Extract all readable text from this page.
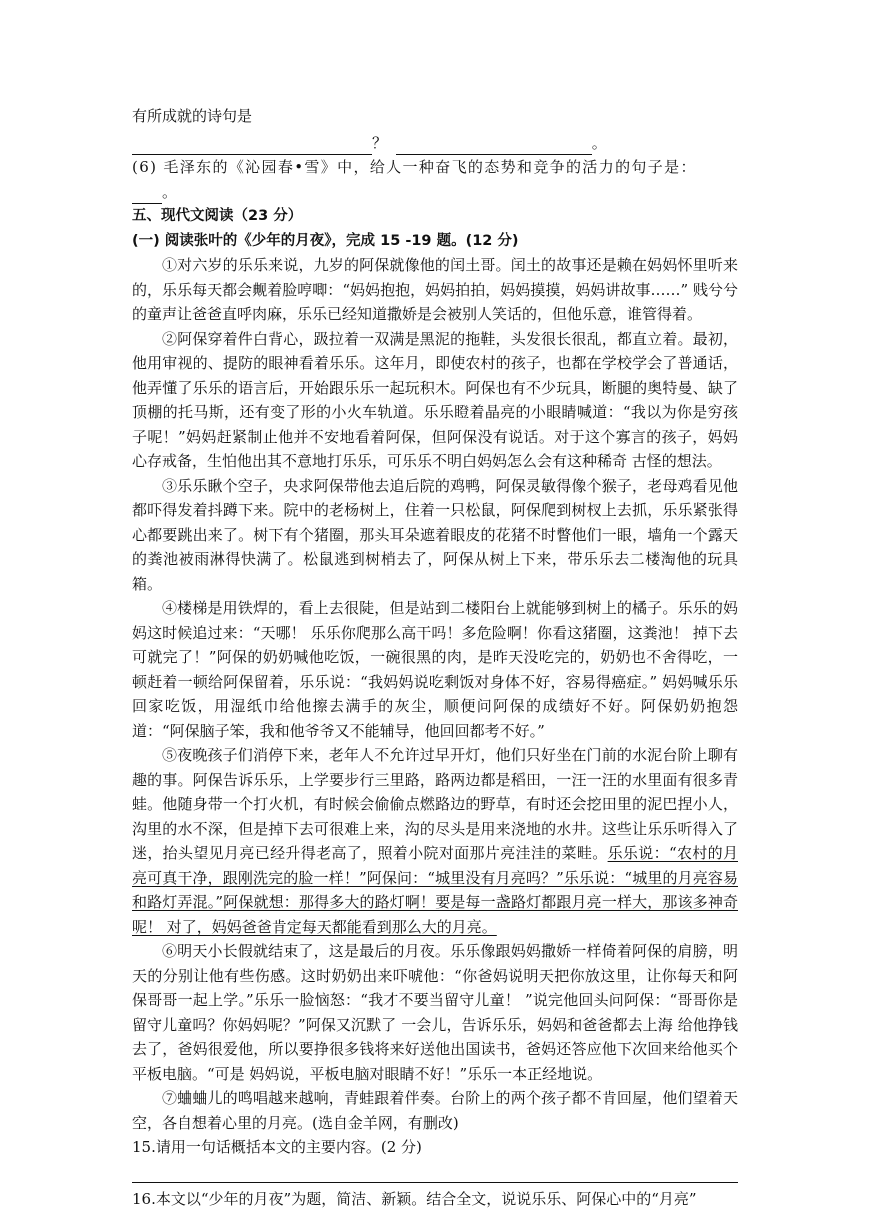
有所成就的诗句是
？	。
(6) 毛泽东的《沁园春•雪》中，给人一种奋飞的态势和竞争的活力的句子是：
。
五、现代文阅读（23 分）
(一) 阅读张叶的《少年的月夜》，完成 15 -19 题。(12 分)

①对六岁的乐乐来说，九岁的阿保就像他的闰土哥。闰土的故事还是赖在妈妈怀里听来的，乐乐每天都会觍着脸哼唧：“妈妈抱抱，妈妈拍拍，妈妈摸摸，妈妈讲故事……” 贱兮兮的童声让爸爸直呼肉麻，乐乐已经知道撒娇是会被别人笑话的，但他乐意，谁管得着。

②阿保穿着件白背心，趿拉着一双满是黑泥的拖鞋，头发很长很乱，都直立着。最初，他用审视的、提防的眼神看着乐乐。这年月，即使农村的孩子，也都在学校学会了普通话，他弄懂了乐乐的语言后，开始跟乐乐一起玩积木。阿保也有不少玩具，断腿的奥特曼、缺了顶棚的托马斯，还有变了形的小火车轨道。乐乐瞪着晶亮的小眼睛喊道：“我以为你是穷孩子呢！”妈妈赶紧制止他并不安地看着阿保，但阿保没有说话。对于这个寡言的孩子，妈妈心存戒备，生怕他出其不意地打乐乐，可乐乐不明白妈妈怎么会有这种稀奇 古怪的想法。

③乐乐瞅个空子，央求阿保带他去追后院的鸡鸭，阿保灵敏得像个猴子，老母鸡看见他都吓得发着抖蹲下来。院中的老杨树上，住着一只松鼠，阿保爬到树杈上去抓，乐乐紧张得心都要跳出来了。树下有个猪圈，那头耳朵遮着眼皮的花猪不时瞥他们一眼，墙角一个露天的粪池被雨淋得快满了。松鼠逃到树梢去了，阿保从树上下来，带乐乐去二楼淘他的玩具箱。

④楼梯是用铁焊的，看上去很陡，但是站到二楼阳台上就能够到树上的橘子。乐乐的妈妈这时候追过来：“天哪！ 乐乐你爬那么高干吗！多危险啊！你看这猪圈，这粪池！ 掉下去可就完了！”阿保的奶奶喊他吃饭，一碗很黑的肉，是昨天没吃完的，奶奶也不舍得吃，一顿赶着一顿给阿保留着，乐乐说：“我妈妈说吃剩饭对身体不好，容易得癌症。” 妈妈喊乐乐回家吃饭，用湿纸巾给他擦去满手的灰尘，顺便问阿保的成绩好不好。阿保奶奶抱怨道：“阿保脑子笨，我和他爷爷又不能辅导，他回回都考不好。”

⑤夜晚孩子们消停下来，老年人不允许过早开灯，他们只好坐在门前的水泥台阶上聊有趣的事。阿保告诉乐乐，上学要步行三里路，路两边都是稻田，一汪一汪的水里面有很多青蛙。他随身带一个打火机，有时候会偷偷点燃路边的野草，有时还会挖田里的泥巴捏小人，沟里的水不深，但是掉下去可很难上来，沟的尽头是用来浇地的水井。这些让乐乐听得入了迷，抬头望见月亮已经升得老高了，照着小院对面那片亮洼洼的菜畦。乐乐说：“农村的月亮可真干净，跟刚洗完的脸一样！”阿保问：“城里没有月亮吗？”乐乐说：“城里的月亮容易和路灯弄混。”阿保就想：那得多大的路灯啊！要是每一盏路灯都跟月亮一样大，那该多神奇呢！ 对了，妈妈爸爸肯定每天都能看到那么大的月亮。

⑥明天小长假就结束了，这是最后的月夜。乐乐像跟妈妈撒娇一样倚着阿保的肩膀，明天的分别让他有些伤感。这时奶奶出来吓唬他：“你爸妈说明天把你放这里，让你每天和阿保哥哥一起上学。”乐乐一脸恼怒：“我才不要当留守儿童！ ”说完他回头问阿保：“哥哥你是留守儿童吗？你妈妈呢？”阿保又沉默了 一会儿，告诉乐乐，妈妈和爸爸都去上海 给他挣钱去了，爸妈很爱他，所以要挣很多钱将来好送他出国读书，爸妈还答应他下次回来给他买个平板电脑。“可是 妈妈说，平板电脑对眼睛不好！”乐乐一本正经地说。

⑦蛐蛐儿的鸣唱越来越响，青蛙跟着伴奏。台阶上的两个孩子都不肯回屋，他们望着天空，各自想着心里的月亮。(选自金羊网，有删改)

15.请用一句话概括本文的主要内容。(2 分)
16.本文以“少年的月夜”为题，简洁、新颖。结合全文，说说乐乐、阿保心中的“月亮”
